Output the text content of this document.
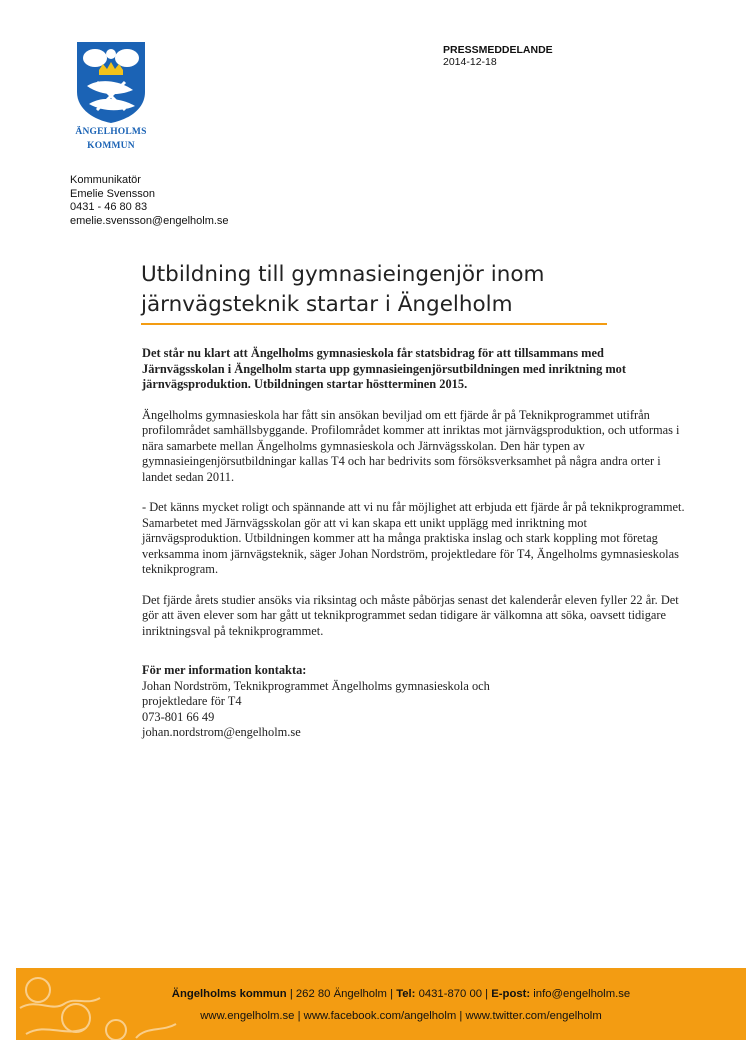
ÄNGELHOLMS
KOMMUN
PRESSMEDDELANDE
2014-12-18
Kommunikatör
Emelie Svensson
0431 - 46 80 83
emelie.svensson@engelholm.se
Utbildning till gymnasieingenjör inom
järnvägsteknik startar i Ängelholm

Det står nu klart att Ängelholms gymnasieskola får statsbidrag för att tillsammans med Järnvägsskolan i Ängelholm starta upp gymnasieingenjörsutbildningen med inriktning mot järnvägsproduktion. Utbildningen startar höstterminen 2015.

Ängelholms gymnasieskola har fått sin ansökan beviljad om ett fjärde år på Teknikprogrammet utifrån profilområdet samhällsbyggande. Profilområdet kommer att inriktas mot järnvägsproduktion, och utformas i nära samarbete mellan Ängelholms gymnasieskola och Järnvägsskolan. Den här typen av gymnasieingenjörsutbildningar kallas T4 och har bedrivits som försöksverksamhet på några andra orter i landet sedan 2011.

- Det känns mycket roligt och spännande att vi nu får möjlighet att erbjuda ett fjärde år på teknikprogrammet. Samarbetet med Järnvägsskolan gör att vi kan skapa ett unikt upplägg med inriktning mot järnvägsproduktion. Utbildningen kommer att ha många praktiska inslag och stark koppling mot företag verksamma inom järnvägsteknik, säger Johan Nordström, projektledare för T4, Ängelholms gymnasieskolas teknikprogram.

Det fjärde årets studier ansöks via riksintag och måste påbörjas senast det kalenderår eleven fyller 22 år. Det gör att även elever som har gått ut teknikprogrammet sedan tidigare är välkomna att söka, oavsett tidigare inriktningsval på teknikprogrammet.

För mer information kontakta:
Johan Nordström, Teknikprogrammet Ängelholms gymnasieskola och
projektledare för T4
073-801 66 49
johan.nordstrom@engelholm.se
Ängelholms kommun | 262 80 Ängelholm | Tel: 0431-870 00 | E-post: info@engelholm.se
www.engelholm.se | www.facebook.com/angelholm | www.twitter.com/engelholm
